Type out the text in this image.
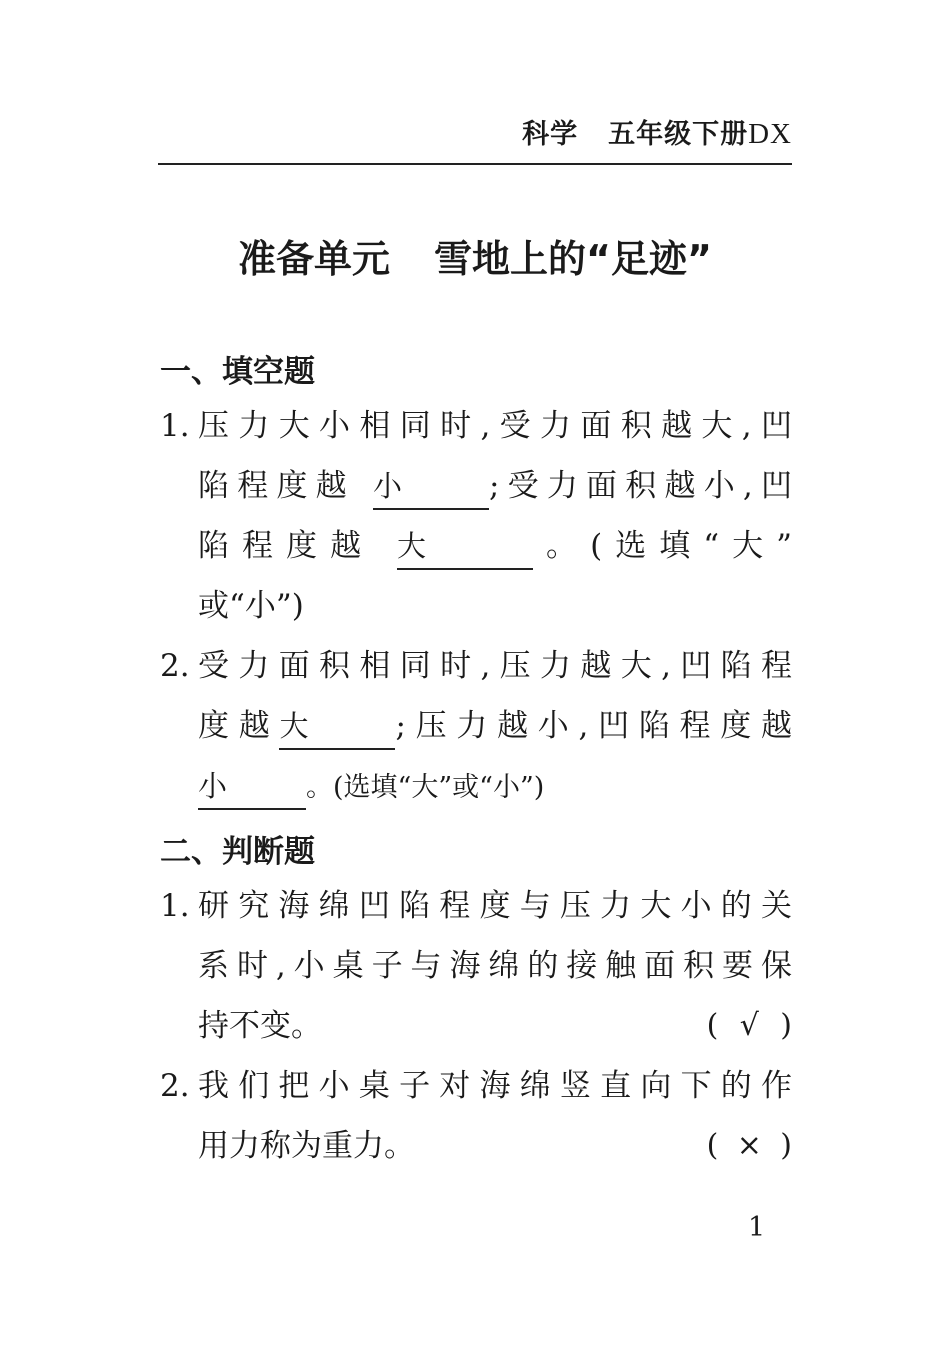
科学 五年级下册DX
准备单元 雪地上的“足迹”
一、填空题
1. 压力大小相同时,受力面积越大,凹
陷程度越 小	;受力面积越小,凹
陷程度越 大	。(选填“大”
或“小”)
2. 受力面积相同时,压力越大,凹陷程
度越大	;压力越小,凹陷程度越
小	。(选填“大”或“小”)
二、判断题
1. 研究海绵凹陷程度与压力大小的关
系时,小桌子与海绵的接触面积要保
持不变。	( √ )
2. 我们把小桌子对海绵竖直向下的作
用力称为重力。	( × )
1
